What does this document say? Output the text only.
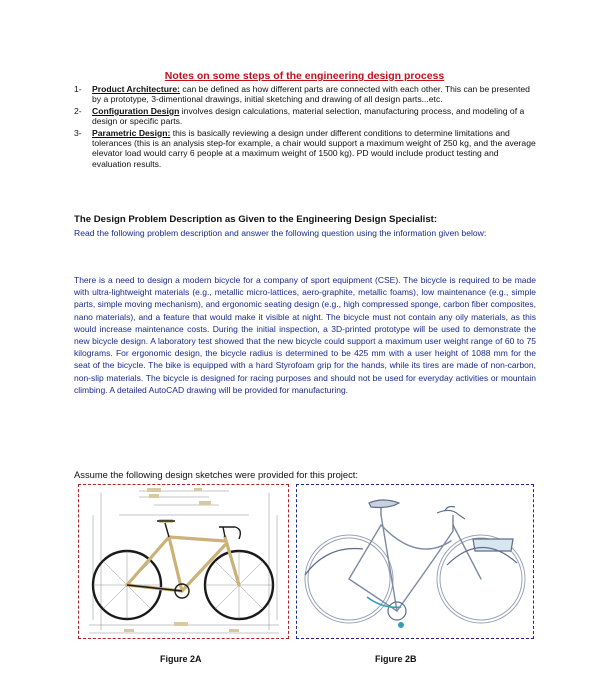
Notes on some steps of the engineering design process
1- Product Architecture: can be defined as how different parts are connected with each other. This can be presented by a prototype, 3-dimentional drawings, initial sketching and drawing of all design parts...etc.
2- Configuration Design involves design calculations, material selection, manufacturing process, and modeling of a design or specific parts.
3- Parametric Design: this is basically reviewing a design under different conditions to determine limitations and tolerances (this is an analysis step-for example, a chair would support a maximum weight of 250 kg, and the average elevator load would carry 6 people at a maximum weight of 1500 kg). PD would include product testing and evaluation results.
The Design Problem Description as Given to the Engineering Design Specialist:
Read the following problem description and answer the following question using the information given below:
There is a need to design a modern bicycle for a company of sport equipment (CSE). The bicycle is required to be made with ultra-lightweight materials (e.g., metallic micro-lattices, aero-graphite, metallic foams), low maintenance (e.g., simple parts, simple moving mechanism), and ergonomic seating design (e.g., high compressed sponge, carbon fiber composites, nano materials), and a feature that would make it visible at night. The bicycle must not contain any oily materials, as this would increase maintenance costs. During the initial inspection, a 3D-printed prototype will be used to demonstrate the new bicycle design. A laboratory test showed that the new bicycle could support a maximum user weight range of 60 to 75 kilograms. For ergonomic design, the bicycle radius is determined to be 425 mm with a user height of 1088 mm for the seat of the bicycle. The bike is equipped with a hard Styrofoam grip for the hands, while its tires are made of non-carbon, non-slip materials. The bicycle is designed for racing purposes and should not be used for everyday activities or mountain climbing. A detailed AutoCAD drawing will be provided for manufacturing.
Assume the following design sketches were provided for this project:
Figure 2A	Figure 2B
